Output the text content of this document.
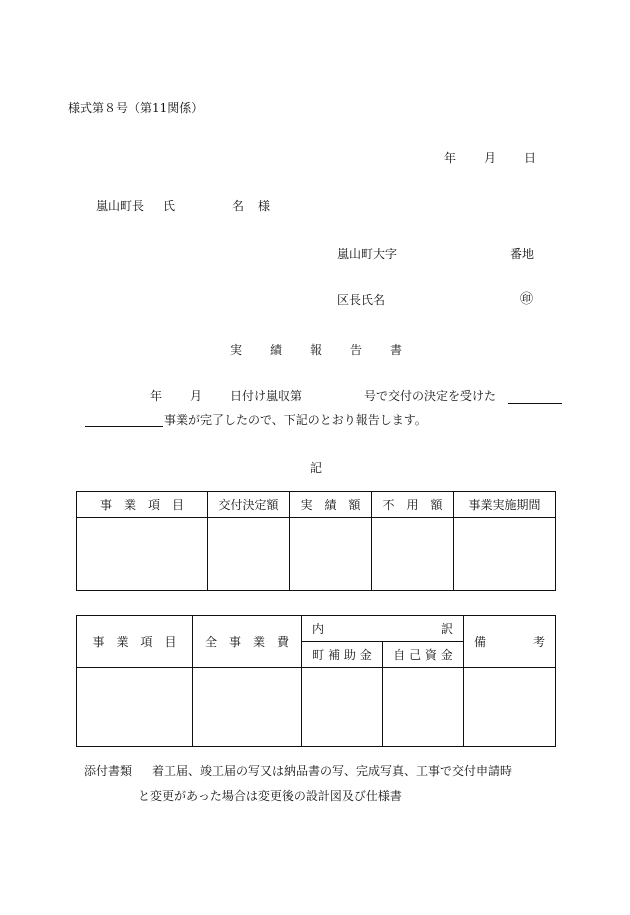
様式第８号（第11関係）
年 月 日
嵐山町長 氏	名 様
嵐山町大字	番地
区長氏名	㊞
実 績 報 告 書
年 月 日付け嵐収第	号で交付の決定を受けた
事業が完了したので、下記のとおり報告します。
記
事　業　項　目	交付決定額	実　績　額	不　用　額	事業実施期間

事　業　項　目	全　事　業　費	内 訳		備 考

		町 補 助 金	自 己 資 金	

添付書類 着工届、竣工届の写又は納品書の写、完成写真、工事で交付申請時
と変更があった場合は変更後の設計図及び仕様書
